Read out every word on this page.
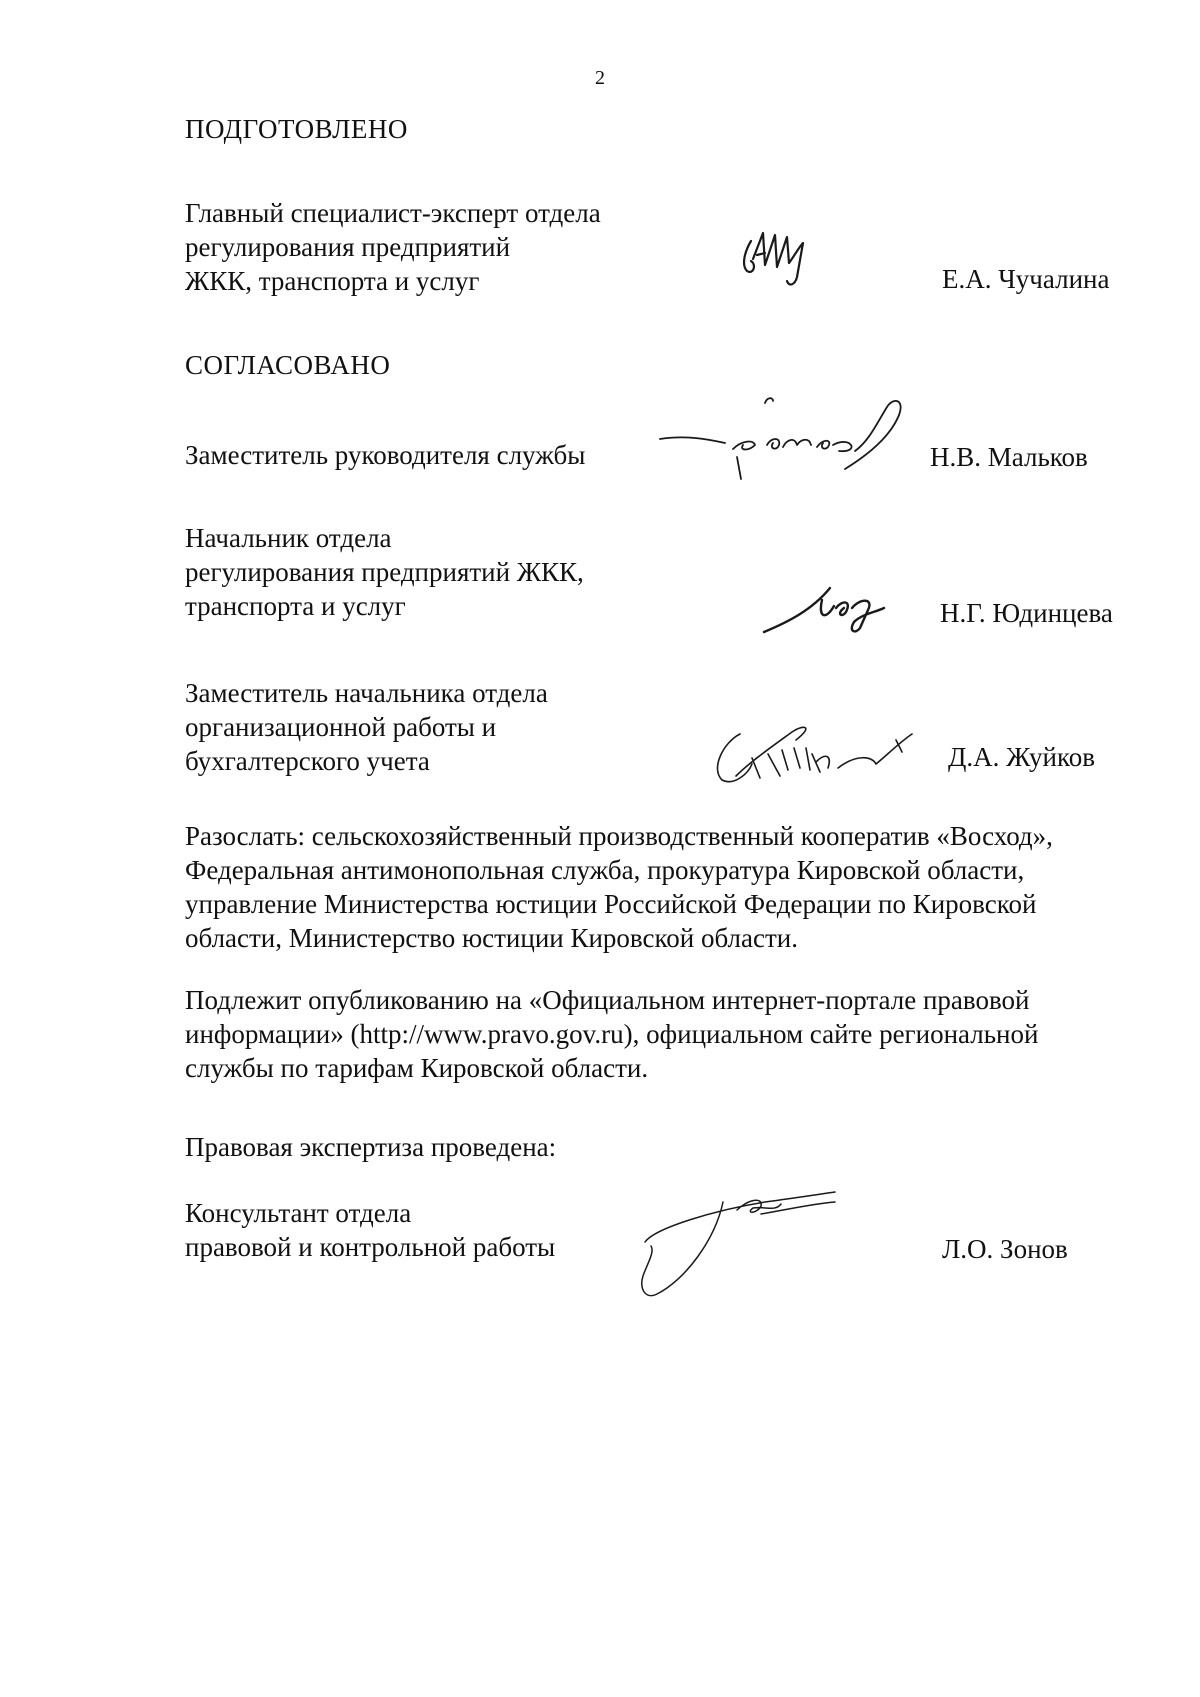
2
ПОДГОТОВЛЕНО
Главный специалист-эксперт отдела
регулирования предприятий
ЖКК, транспорта и услуг	Е.А. Чучалина
СОГЛАСОВАНО
Заместитель руководителя службы	Н.В. Мальков
Начальник отдела
регулирования предприятий ЖКК,
транспорта и услуг	Н.Г. Юдинцева
Заместитель начальника отдела
организационной работы и
бухгалтерского учета	Д.А. Жуйков
Разослать: сельскохозяйственный производственный кооператив «Восход»,
Федеральная антимонопольная служба, прокуратура Кировской области,
управление Министерства юстиции Российской Федерации по Кировской
области, Министерство юстиции Кировской области.
Подлежит опубликованию на «Официальном интернет-портале правовой
информации» (http://www.pravo.gov.ru), официальном сайте региональной
службы по тарифам Кировской области.
Правовая экспертиза проведена:
Консультант отдела
правовой и контрольной работы	Л.О. Зонов
